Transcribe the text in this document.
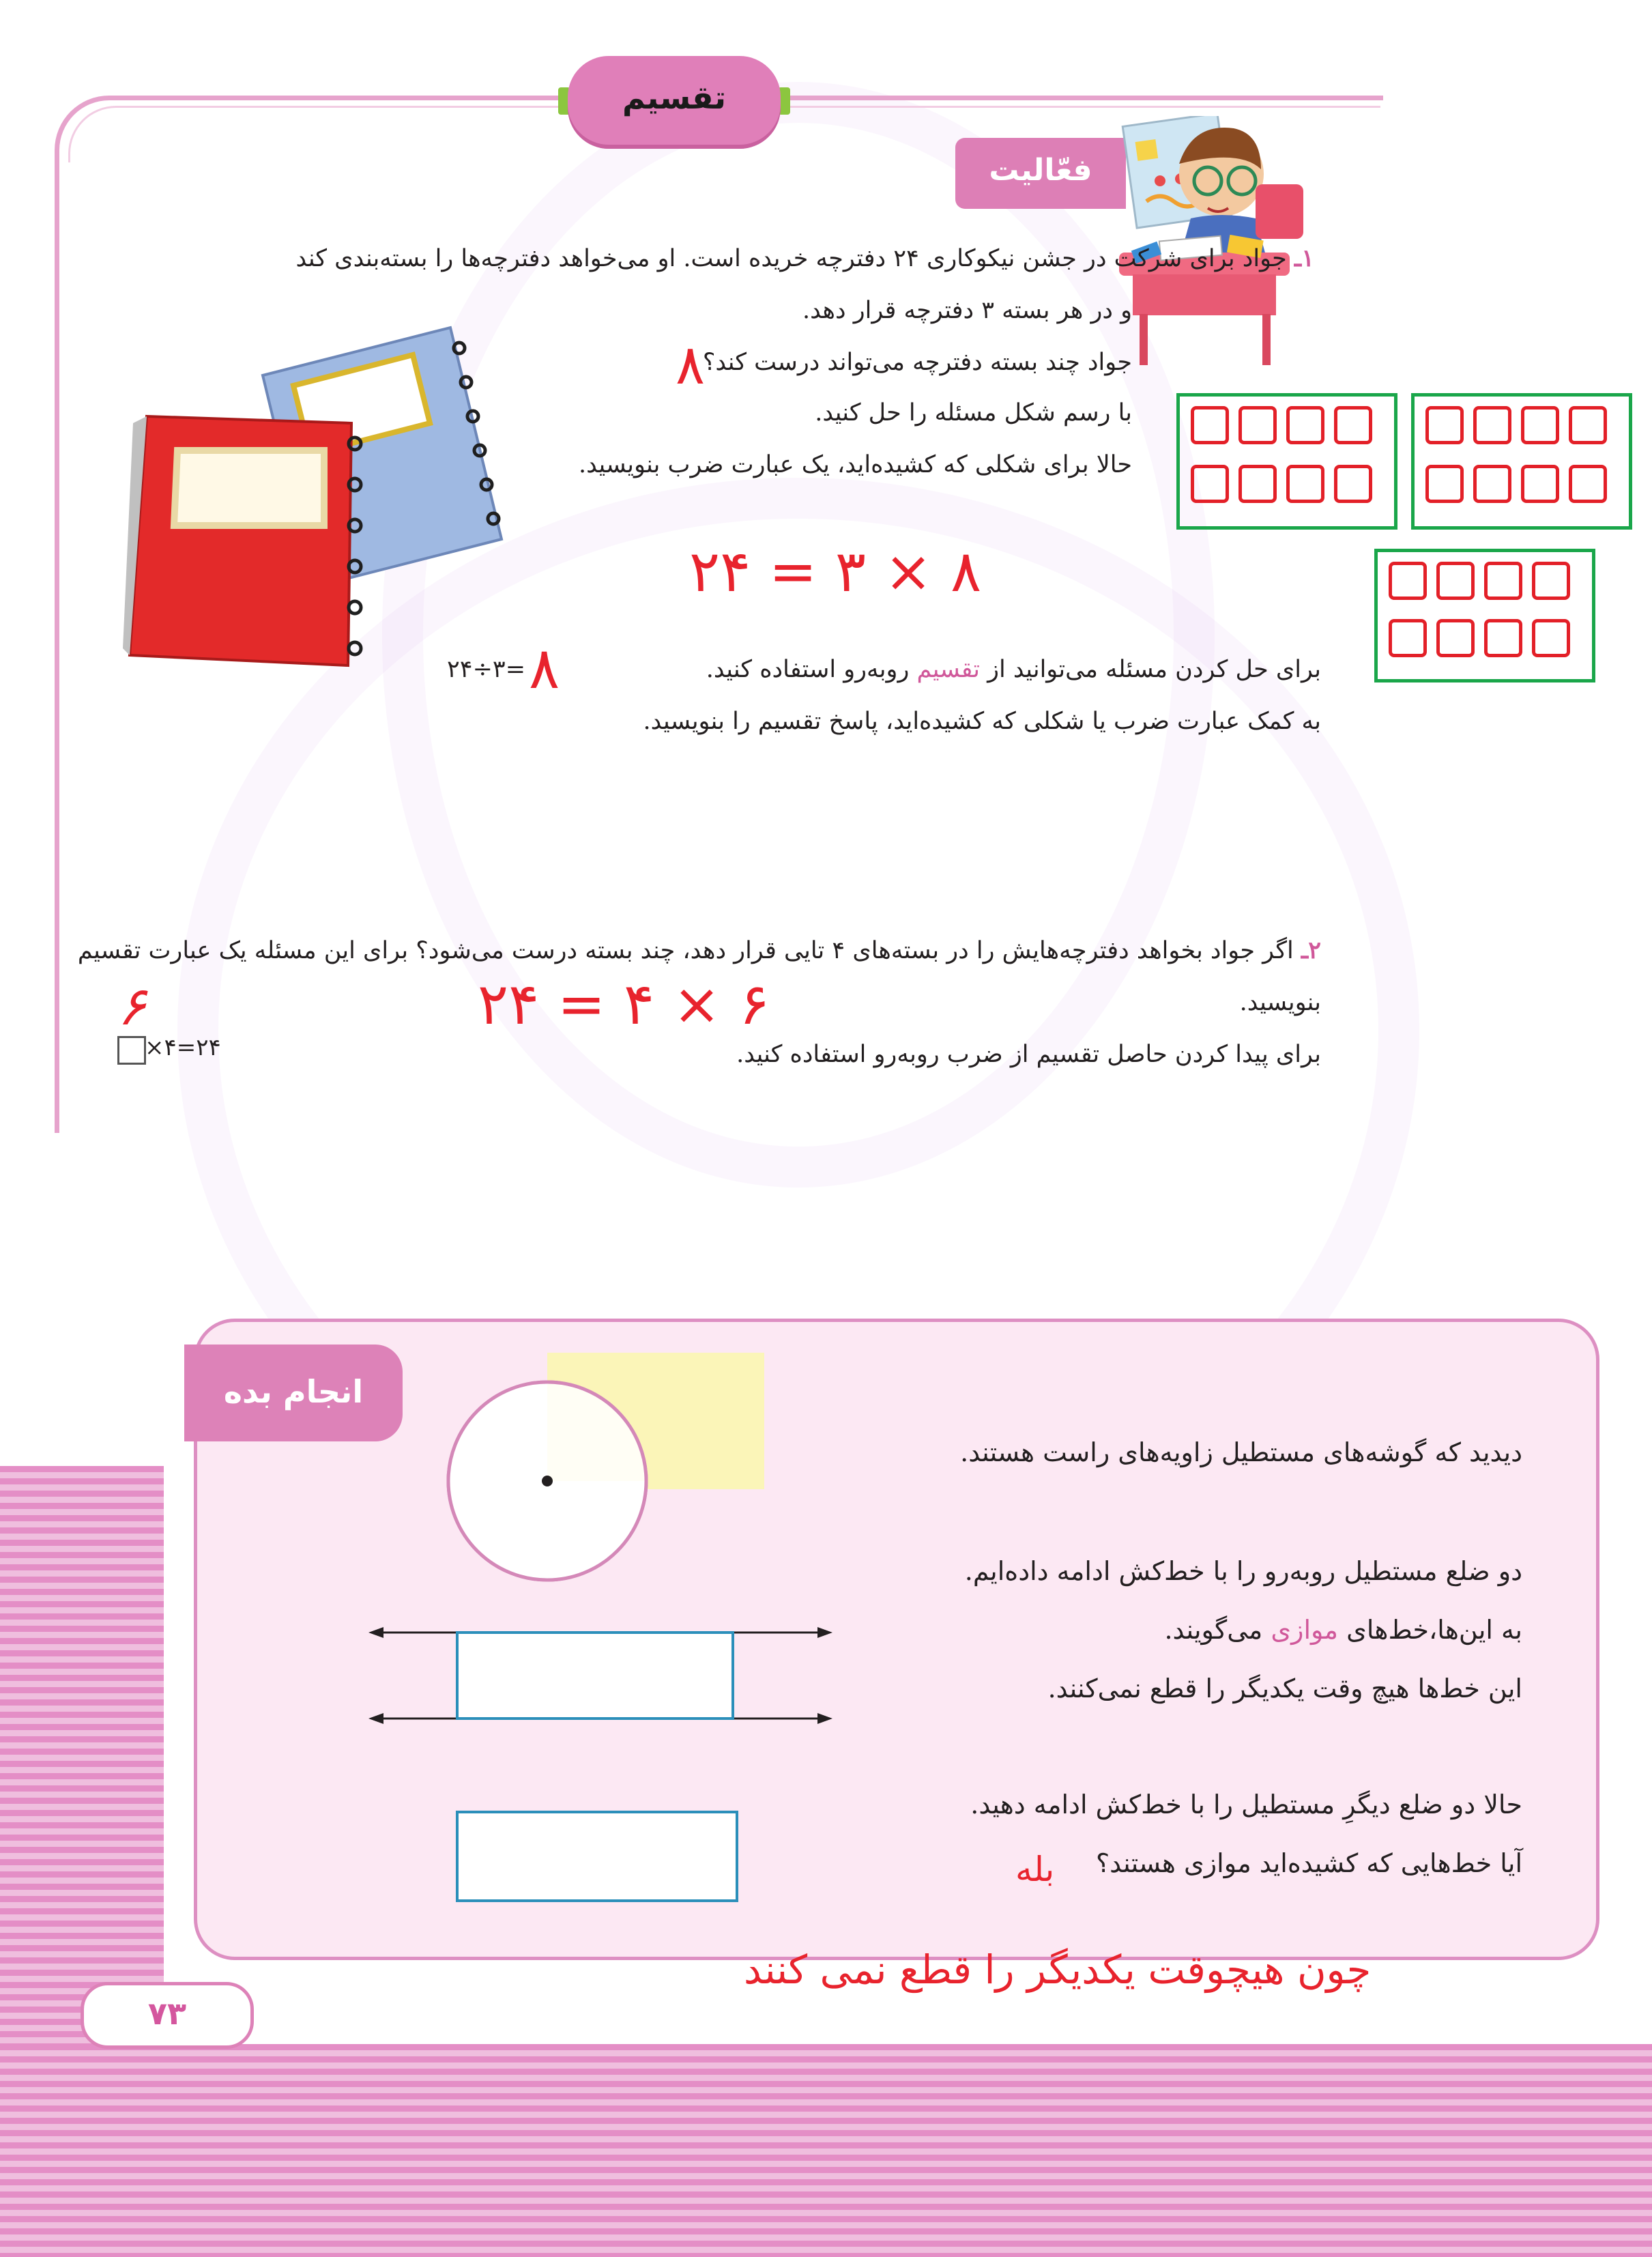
تقسیم
فعّالیت
۱ـ جواد برای شرکت در جشن نیکوکاری ۲۴ دفترچه خریده است. او می‌خواهد دفترچه‌ها را بسته‌بندی کند
و در هر بسته ۳ دفترچه قرار دهد.
جواد چند بسته دفترچه می‌تواند درست کند؟
۸
با رسم شکل مسئله را حل کنید.
حالا برای شکلی که کشیده‌اید، یک عبارت ضرب بنویسید.
۸ × ۳ = ۲۴
برای حل کردن مسئله می‌توانید از تقسیم روبه‌رو استفاده کنید.
به کمک عبارت ضرب یا شکلی که کشیده‌اید، پاسخ تقسیم را بنویسید.
۲۴÷۳= ۸
۲ـ اگر جواد بخواهد دفترچه‌هایش را در بسته‌های ۴ تایی قرار دهد، چند بسته درست می‌شود؟ برای این مسئله یک عبارت تقسیم
بنویسید.
برای پیدا کردن حاصل تقسیم از ضرب روبه‌رو استفاده کنید.
۶ × ۴ = ۲۴
۶
×۴=۲۴
انجام بده
دیدید که گوشه‌های مستطیل زاویه‌های راست هستند.
دو ضلع مستطیل روبه‌رو را با خط‌کش ادامه داده‌ایم.
به این‌ها،خط‌های موازی می‌گویند.
این خط‌ها هیچ وقت یکدیگر را قطع نمی‌کنند.
حالا دو ضلع دیگرِ مستطیل را با خط‌کش ادامه دهید.
آیا خط‌هایی که کشیده‌اید موازی هستند؟
بله
چون هیچوقت یکدیگر را قطع نمی کنند
۷۳
